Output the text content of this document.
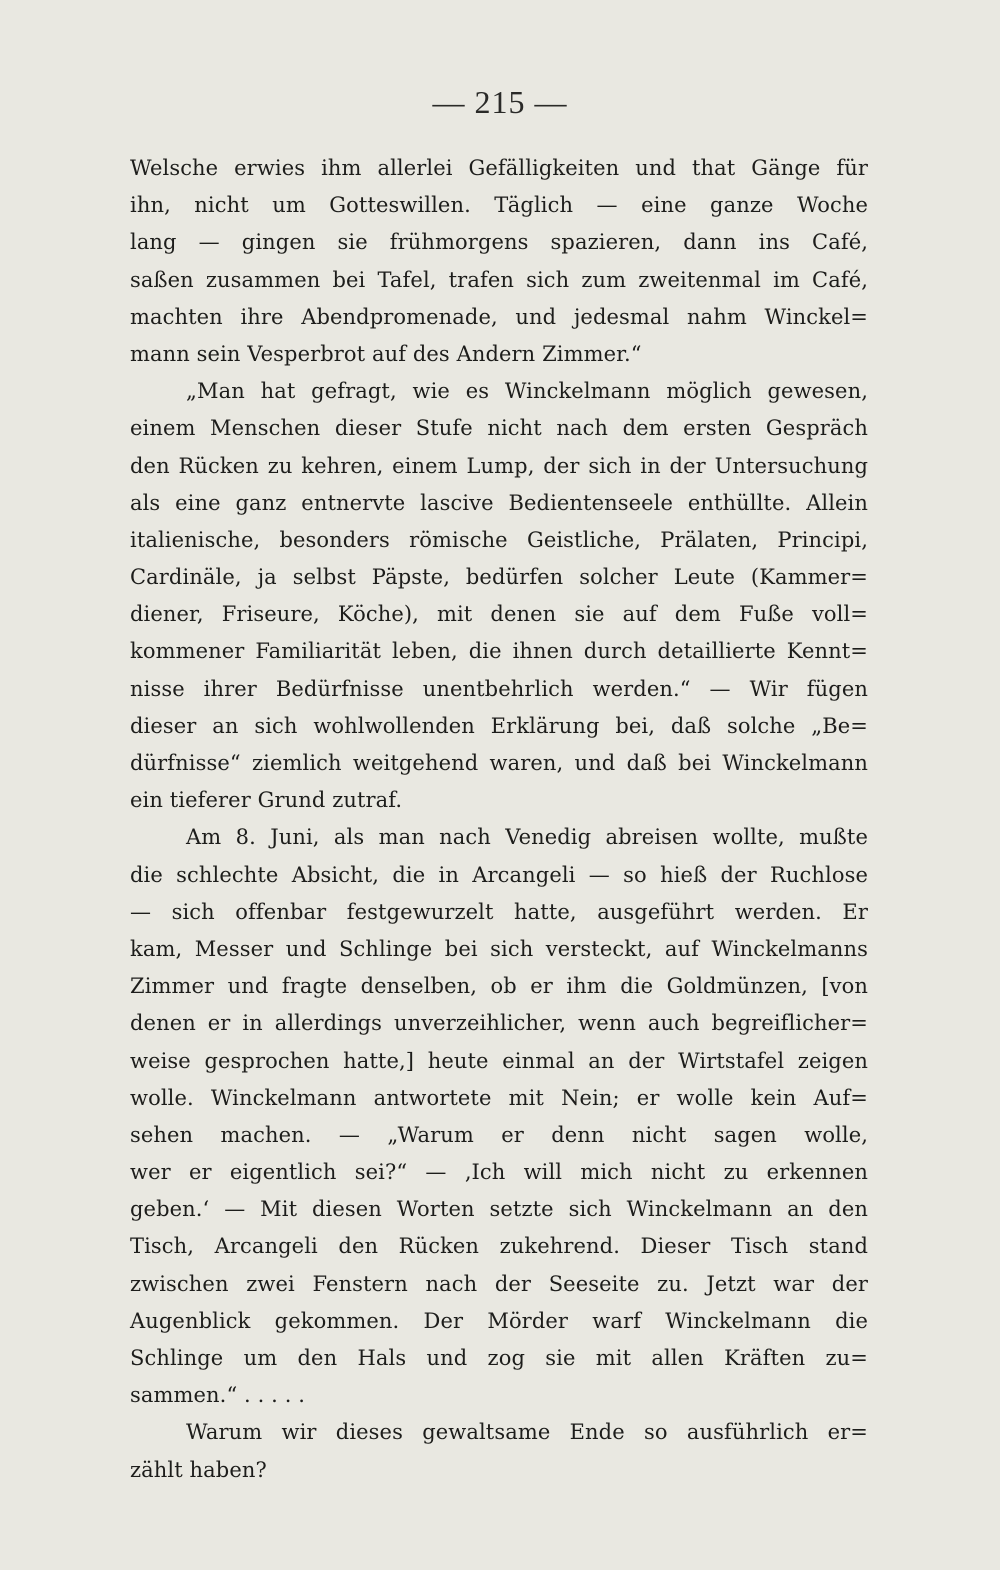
— 215 —
Welsche erwies ihm allerlei Gefälligkeiten und that Gänge für
ihn, nicht um Gotteswillen. Täglich — eine ganze Woche
lang — gingen sie frühmorgens spazieren, dann ins Café,
saßen zusammen bei Tafel, trafen sich zum zweitenmal im Café,
machten ihre Abendpromenade, und jedesmal nahm Winckel=
mann sein Vesperbrot auf des Andern Zimmer.“
„Man hat gefragt, wie es Winckelmann möglich gewesen,
einem Menschen dieser Stufe nicht nach dem ersten Gespräch
den Rücken zu kehren, einem Lump, der sich in der Untersuchung
als eine ganz entnervte lascive Bedientenseele enthüllte. Allein
italienische, besonders römische Geistliche, Prälaten, Principi,
Cardinäle, ja selbst Päpste, bedürfen solcher Leute (Kammer=
diener, Friseure, Köche), mit denen sie auf dem Fuße voll=
kommener Familiarität leben, die ihnen durch detaillierte Kennt=
nisse ihrer Bedürfnisse unentbehrlich werden.“ — Wir fügen
dieser an sich wohlwollenden Erklärung bei, daß solche „Be=
dürfnisse“ ziemlich weitgehend waren, und daß bei Winckelmann
ein tieferer Grund zutraf.
Am 8. Juni, als man nach Venedig abreisen wollte, mußte
die schlechte Absicht, die in Arcangeli — so hieß der Ruchlose
— sich offenbar festgewurzelt hatte, ausgeführt werden. Er
kam, Messer und Schlinge bei sich versteckt, auf Winckelmanns
Zimmer und fragte denselben, ob er ihm die Goldmünzen, [von
denen er in allerdings unverzeihlicher, wenn auch begreiflicher=
weise gesprochen hatte,] heute einmal an der Wirtstafel zeigen
wolle. Winckelmann antwortete mit Nein; er wolle kein Auf=
sehen machen. — „Warum er denn nicht sagen wolle,
wer er eigentlich sei?“ — ‚Ich will mich nicht zu erkennen
geben.‘ — Mit diesen Worten setzte sich Winckelmann an den
Tisch, Arcangeli den Rücken zukehrend. Dieser Tisch stand
zwischen zwei Fenstern nach der Seeseite zu. Jetzt war der
Augenblick gekommen. Der Mörder warf Winckelmann die
Schlinge um den Hals und zog sie mit allen Kräften zu=
sammen.“ . . . . .
Warum wir dieses gewaltsame Ende so ausführlich er=
zählt haben?
